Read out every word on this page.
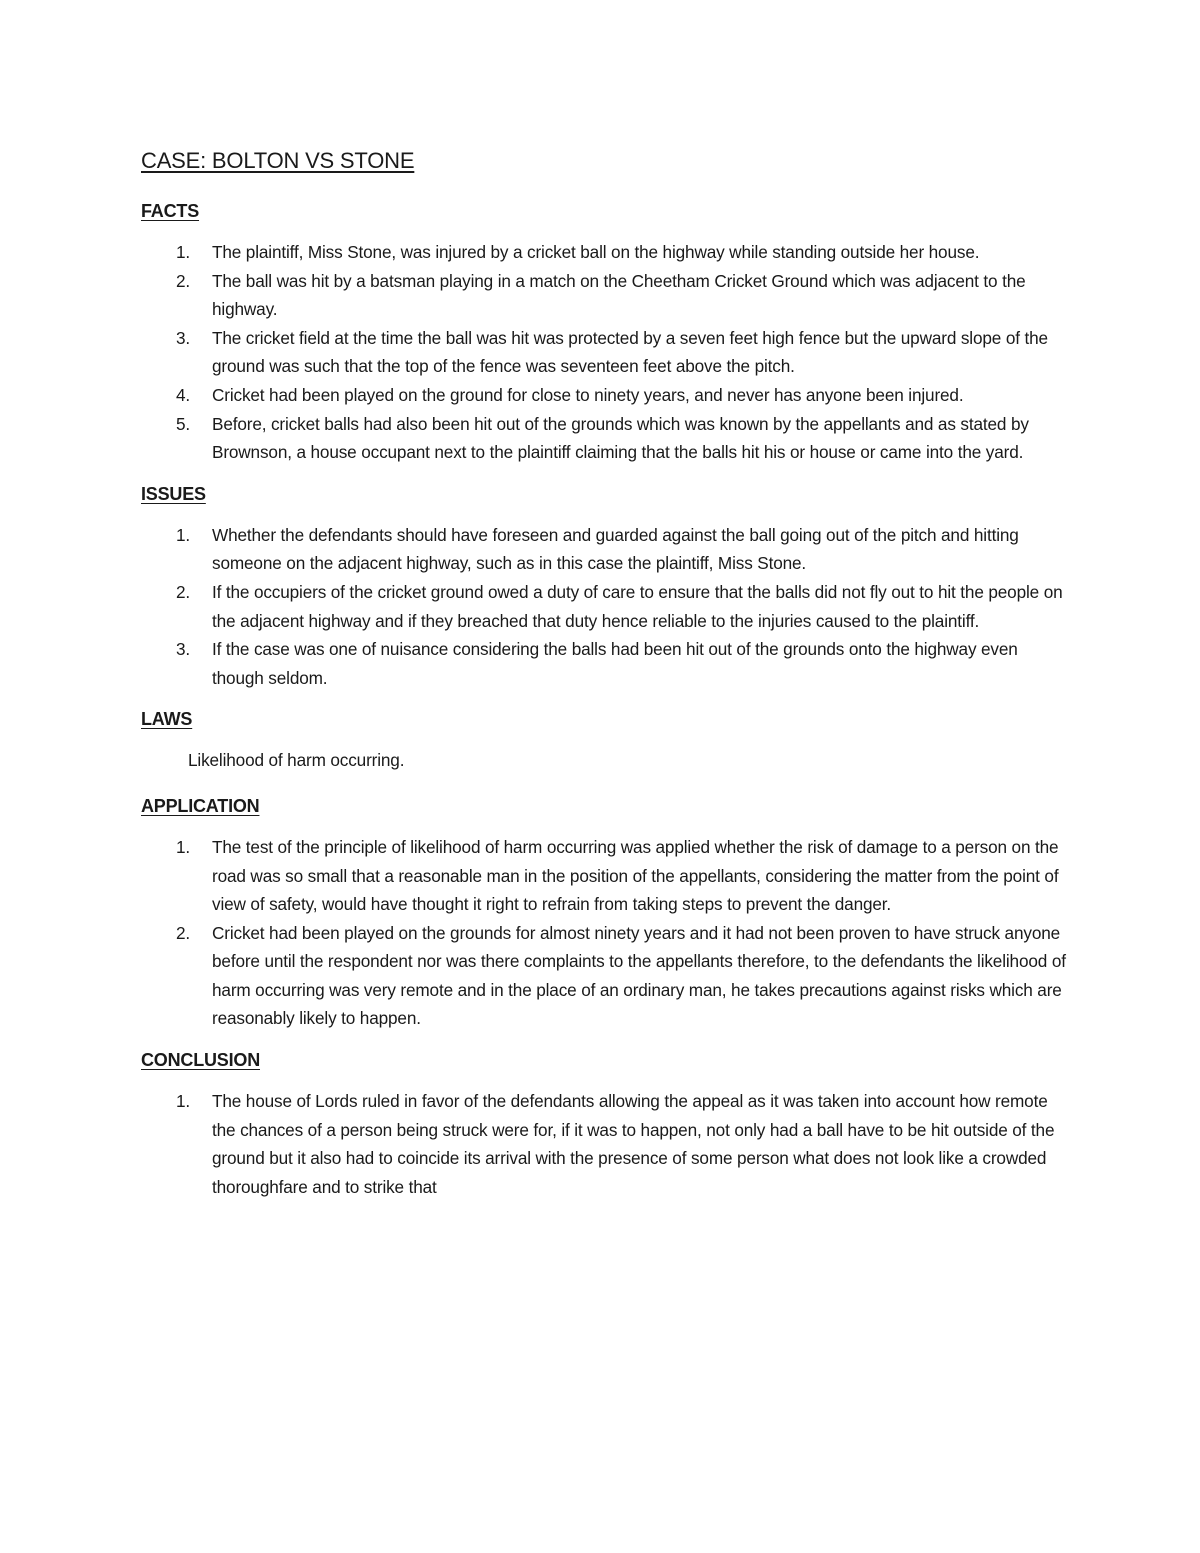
CASE: BOLTON VS STONE
FACTS
1. The plaintiff, Miss Stone, was injured by a cricket ball on the highway while standing outside her house.
2. The ball was hit by a batsman playing in a match on the Cheetham Cricket Ground which was adjacent to the highway.
3. The cricket field at the time the ball was hit was protected by a seven feet high fence but the upward slope of the ground was such that the top of the fence was seventeen feet above the pitch.
4. Cricket had been played on the ground for close to ninety years, and never has anyone been injured.
5. Before, cricket balls had also been hit out of the grounds which was known by the appellants and as stated by Brownson, a house occupant next to the plaintiff claiming that the balls hit his or house or came into the yard.
ISSUES
1. Whether the defendants should have foreseen and guarded against the ball going out of the pitch and hitting someone on the adjacent highway, such as in this case the plaintiff, Miss Stone.
2. If the occupiers of the cricket ground owed a duty of care to ensure that the balls did not fly out to hit the people on the adjacent highway and if they breached that duty hence reliable to the injuries caused to the plaintiff.
3. If the case was one of nuisance considering the balls had been hit out of the grounds onto the highway even though seldom.
LAWS

Likelihood of harm occurring.

APPLICATION
1. The test of the principle of likelihood of harm occurring was applied whether the risk of damage to a person on the road was so small that a reasonable man in the position of the appellants, considering the matter from the point of view of safety, would have thought it right to refrain from taking steps to prevent the danger.
2. Cricket had been played on the grounds for almost ninety years and it had not been proven to have struck anyone before until the respondent nor was there complaints to the appellants therefore, to the defendants the likelihood of harm occurring was very remote and in the place of an ordinary man, he takes precautions against risks which are reasonably likely to happen.
CONCLUSION
1. The house of Lords ruled in favor of the defendants allowing the appeal as it was taken into account how remote the chances of a person being struck were for, if it was to happen, not only had a ball have to be hit outside of the ground but it also had to coincide its arrival with the presence of some person what does not look like a crowded thoroughfare and to strike that
